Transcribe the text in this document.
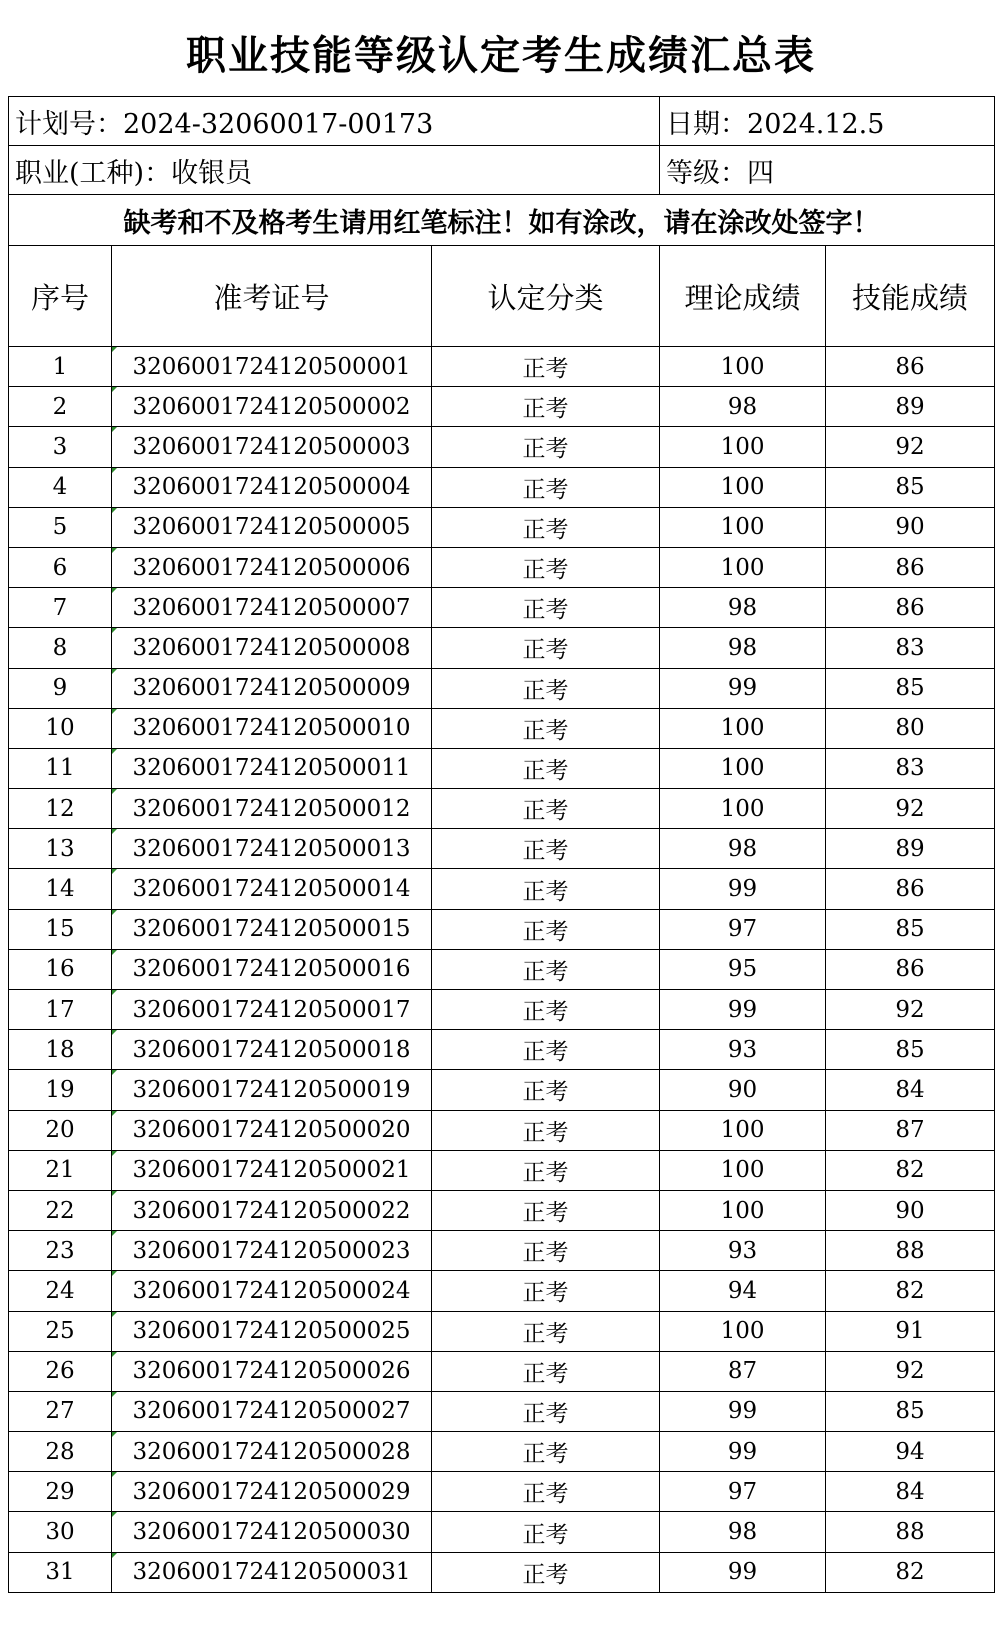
职业技能等级认定考生成绩汇总表
计划号：2024-32060017-00173			日期：2024.12.5	
职业(工种)：收银员			等级：四	
缺考和不及格考生请用红笔标注！如有涂改，请在涂改处签字！				
序号	准考证号	认定分类	理论成绩	技能成绩
1	3206001724120500001	正考	100	86
2	3206001724120500002	正考	98	89
3	3206001724120500003	正考	100	92
4	3206001724120500004	正考	100	85
5	3206001724120500005	正考	100	90
6	3206001724120500006	正考	100	86
7	3206001724120500007	正考	98	86
8	3206001724120500008	正考	98	83
9	3206001724120500009	正考	99	85
10	3206001724120500010	正考	100	80
11	3206001724120500011	正考	100	83
12	3206001724120500012	正考	100	92
13	3206001724120500013	正考	98	89
14	3206001724120500014	正考	99	86
15	3206001724120500015	正考	97	85
16	3206001724120500016	正考	95	86
17	3206001724120500017	正考	99	92
18	3206001724120500018	正考	93	85
19	3206001724120500019	正考	90	84
20	3206001724120500020	正考	100	87
21	3206001724120500021	正考	100	82
22	3206001724120500022	正考	100	90
23	3206001724120500023	正考	93	88
24	3206001724120500024	正考	94	82
25	3206001724120500025	正考	100	91
26	3206001724120500026	正考	87	92
27	3206001724120500027	正考	99	85
28	3206001724120500028	正考	99	94
29	3206001724120500029	正考	97	84
30	3206001724120500030	正考	98	88
31	3206001724120500031	正考	99	82
